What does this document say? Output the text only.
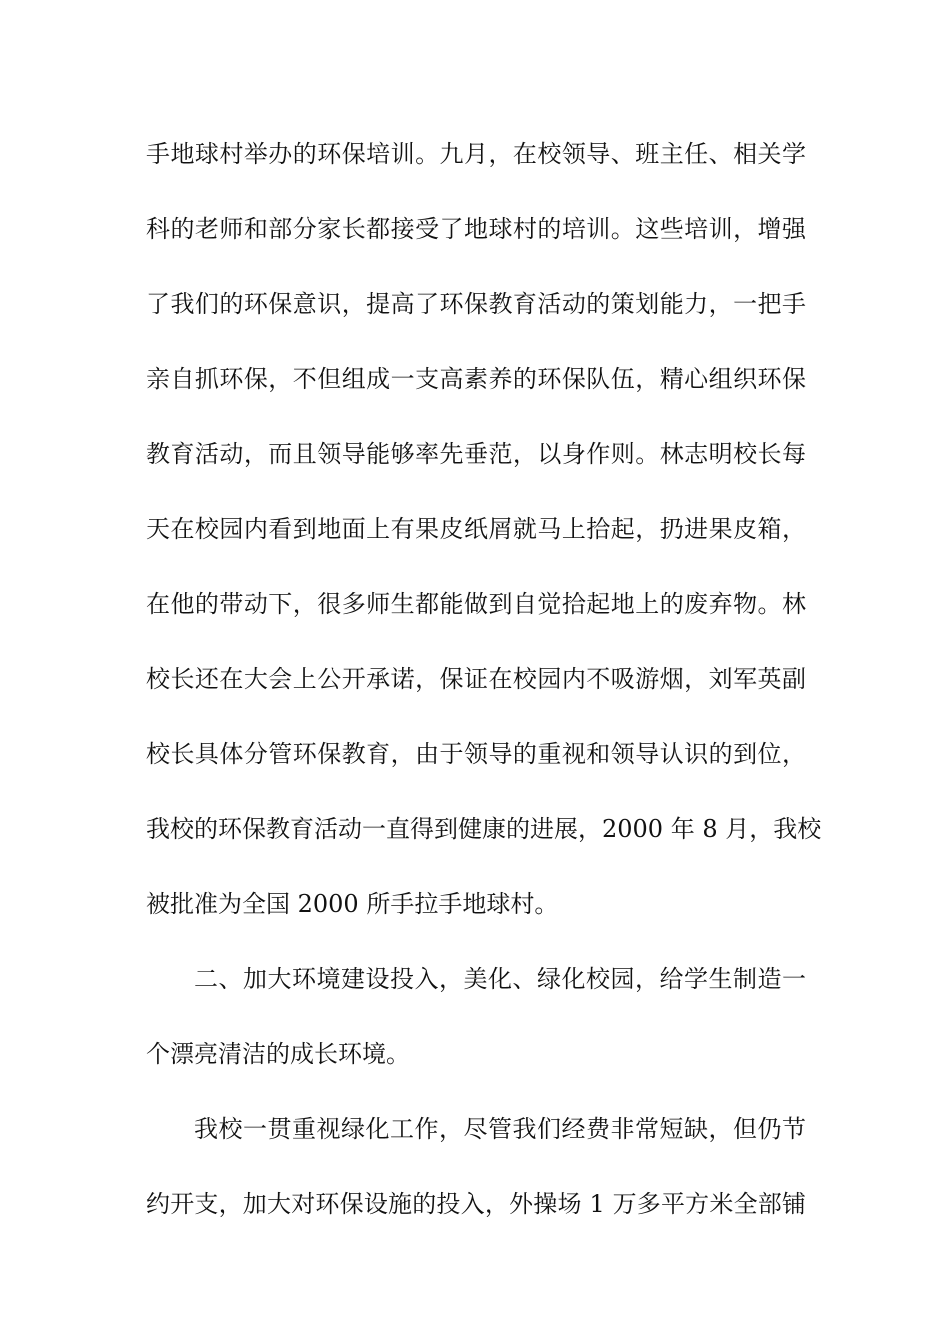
手地球村举办的环保培训。九月，在校领导、班主任、相关学
科的老师和部分家长都接受了地球村的培训。这些培训，增强
了我们的环保意识，提高了环保教育活动的策划能力，一把手
亲自抓环保，不但组成一支高素养的环保队伍，精心组织环保
教育活动，而且领导能够率先垂范，以身作则。林志明校长每
天在校园内看到地面上有果皮纸屑就马上拾起，扔进果皮箱，
在他的带动下，很多师生都能做到自觉拾起地上的废弃物。林
校长还在大会上公开承诺，保证在校园内不吸游烟，刘军英副
校长具体分管环保教育，由于领导的重视和领导认识的到位，
我校的环保教育活动一直得到健康的进展，2000 年 8 月，我校
被批准为全国 2000 所手拉手地球村。
二、加大环境建设投入，美化、绿化校园，给学生制造一
个漂亮清洁的成长环境。
我校一贯重视绿化工作，尽管我们经费非常短缺，但仍节
约开支，加大对环保设施的投入，外操场 1 万多平方米全部铺
